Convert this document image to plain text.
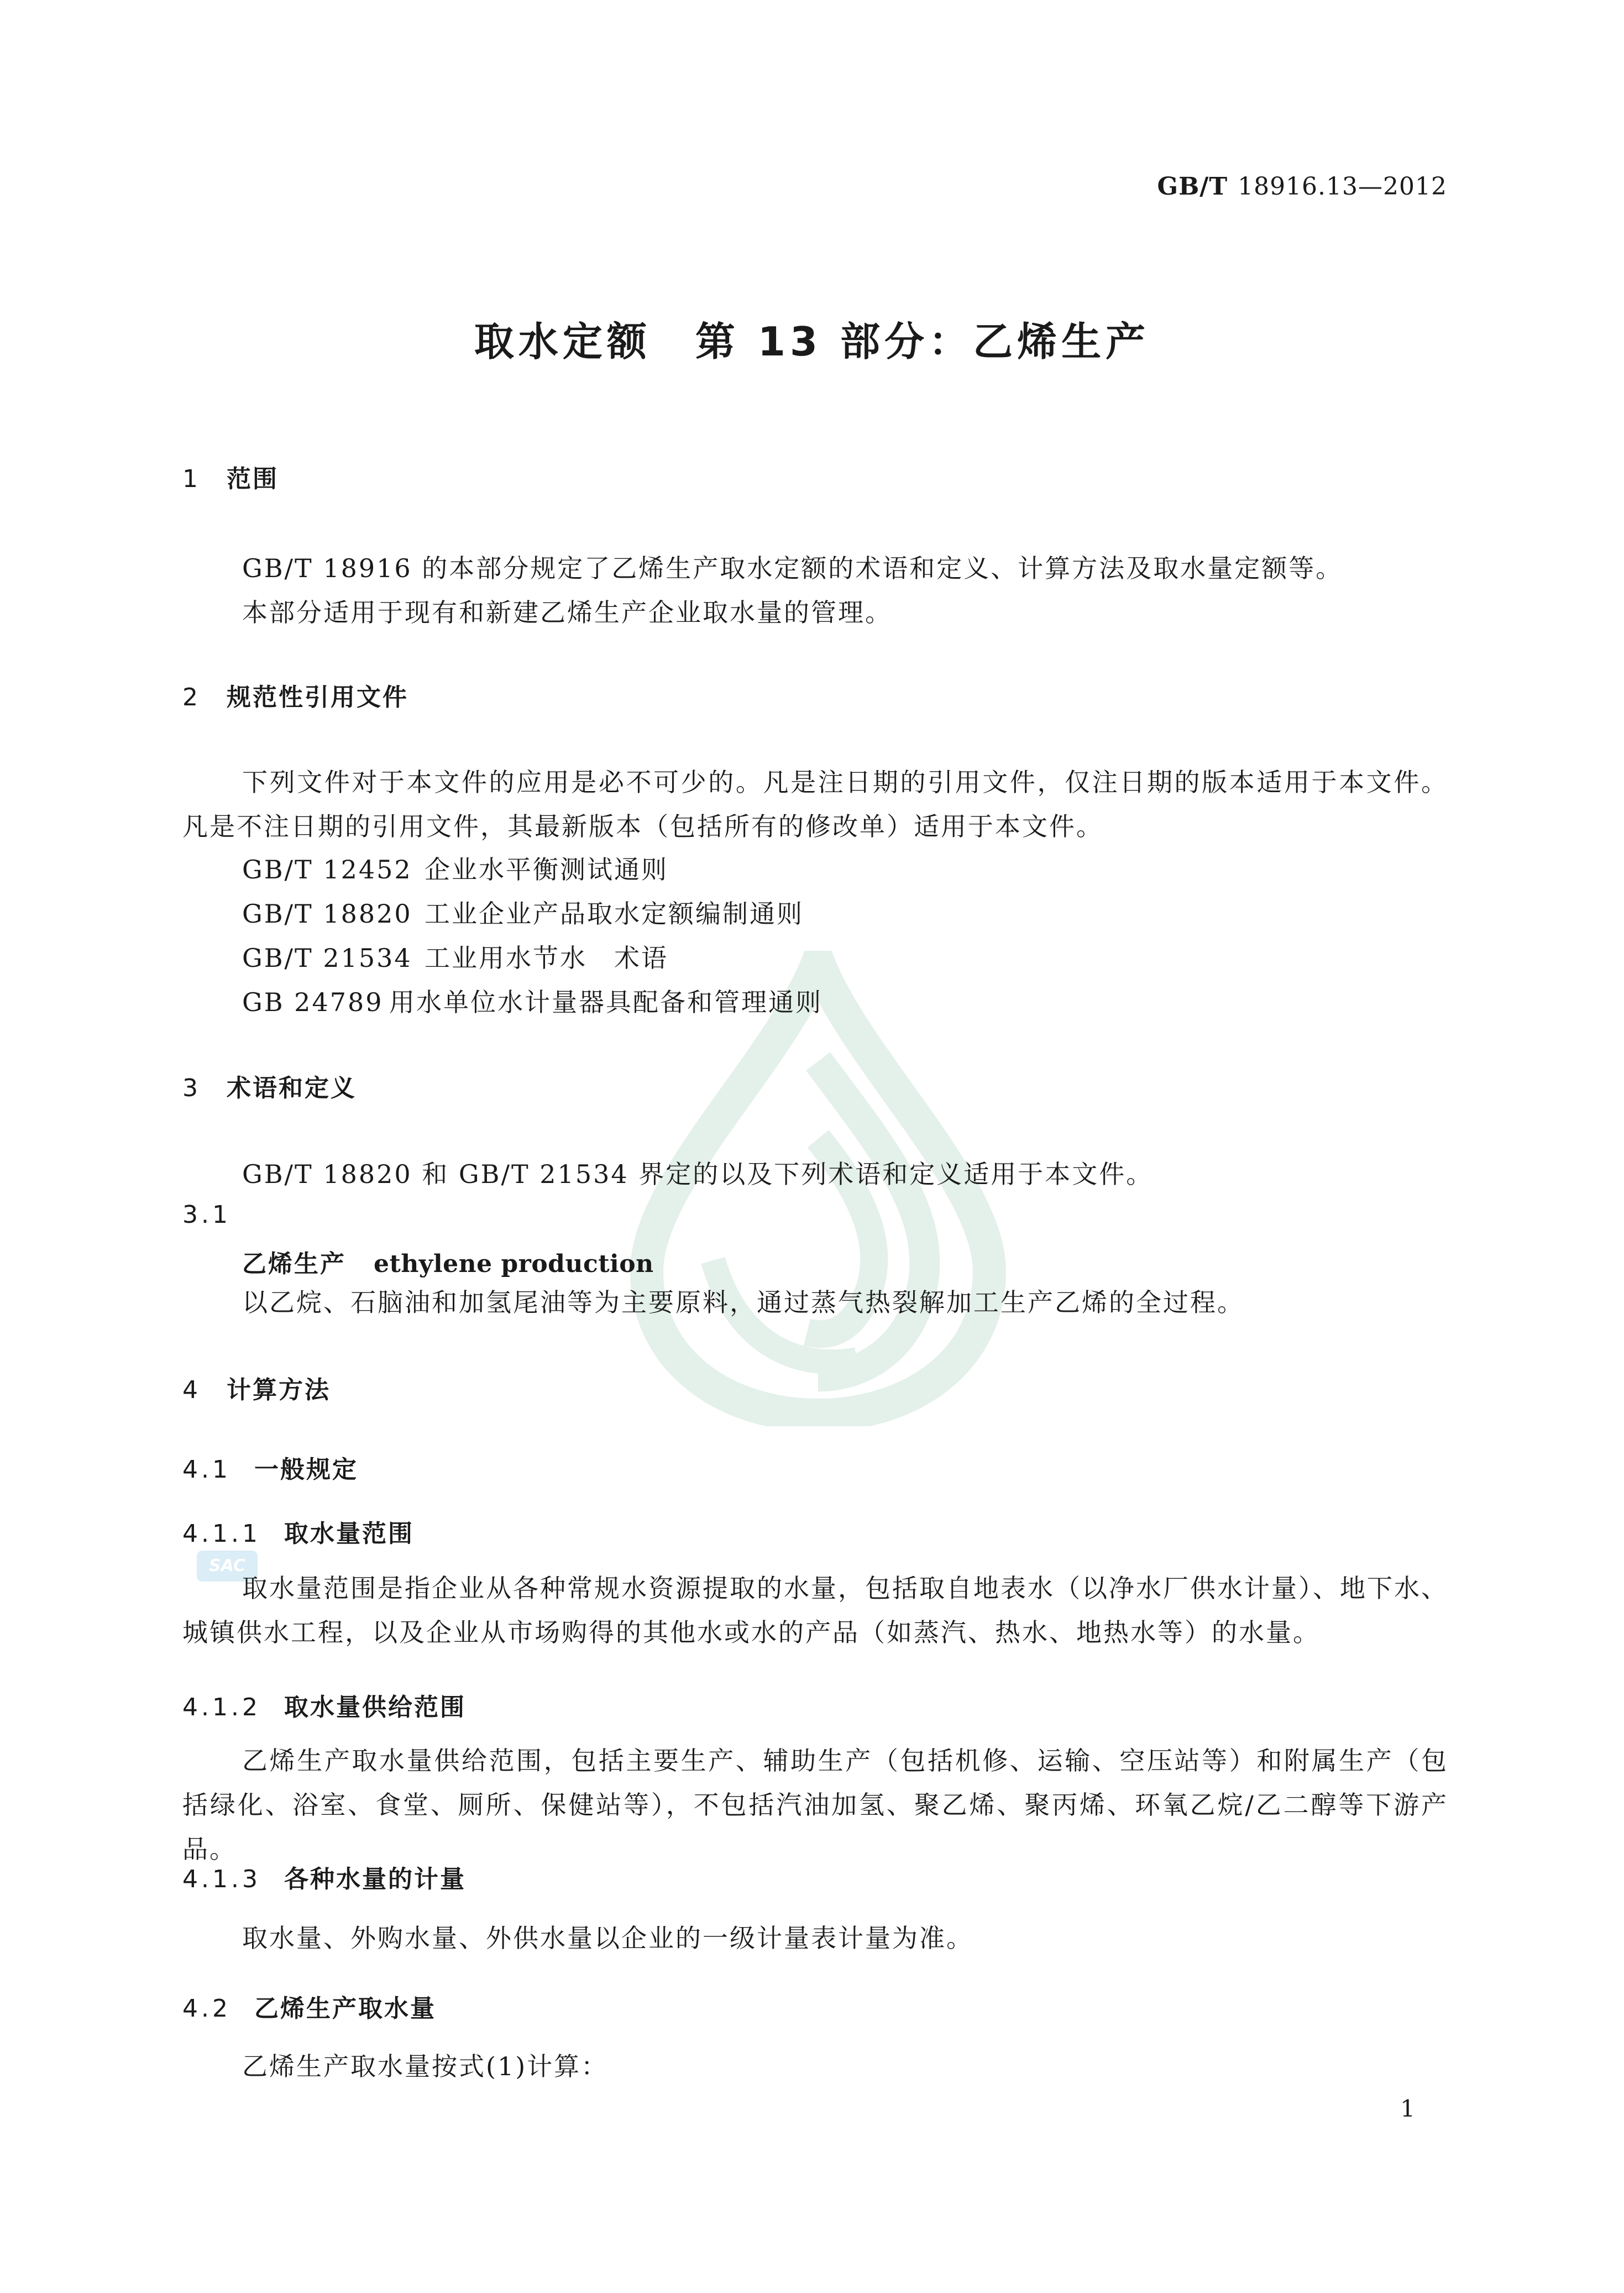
GB/T 18916.13—2012
取水定额　第 13 部分：乙烯生产
1 范围
GB/T 18916 的本部分规定了乙烯生产取水定额的术语和定义、计算方法及取水量定额等。
本部分适用于现有和新建乙烯生产企业取水量的管理。
2 规范性引用文件
下列文件对于本文件的应用是必不可少的。凡是注日期的引用文件，仅注日期的版本适用于本文件。凡是不注日期的引用文件，其最新版本（包括所有的修改单）适用于本文件。
GB/T 12452 企业水平衡测试通则
GB/T 18820 工业企业产品取水定额编制通则
GB/T 21534 工业用水节水　术语
GB 24789 用水单位水计量器具配备和管理通则
3 术语和定义
GB/T 18820 和 GB/T 21534 界定的以及下列术语和定义适用于本文件。
3.1
乙烯生产 ethylene production
以乙烷、石脑油和加氢尾油等为主要原料，通过蒸气热裂解加工生产乙烯的全过程。
4 计算方法
4.1 一般规定
4.1.1 取水量范围
SAC
取水量范围是指企业从各种常规水资源提取的水量，包括取自地表水（以净水厂供水计量）、地下水、城镇供水工程，以及企业从市场购得的其他水或水的产品（如蒸汽、热水、地热水等）的水量。
4.1.2 取水量供给范围
乙烯生产取水量供给范围，包括主要生产、辅助生产（包括机修、运输、空压站等）和附属生产（包括绿化、浴室、食堂、厕所、保健站等），不包括汽油加氢、聚乙烯、聚丙烯、环氧乙烷/乙二醇等下游产品。
4.1.3 各种水量的计量
取水量、外购水量、外供水量以企业的一级计量表计量为准。
4.2 乙烯生产取水量
乙烯生产取水量按式(1)计算：
1
